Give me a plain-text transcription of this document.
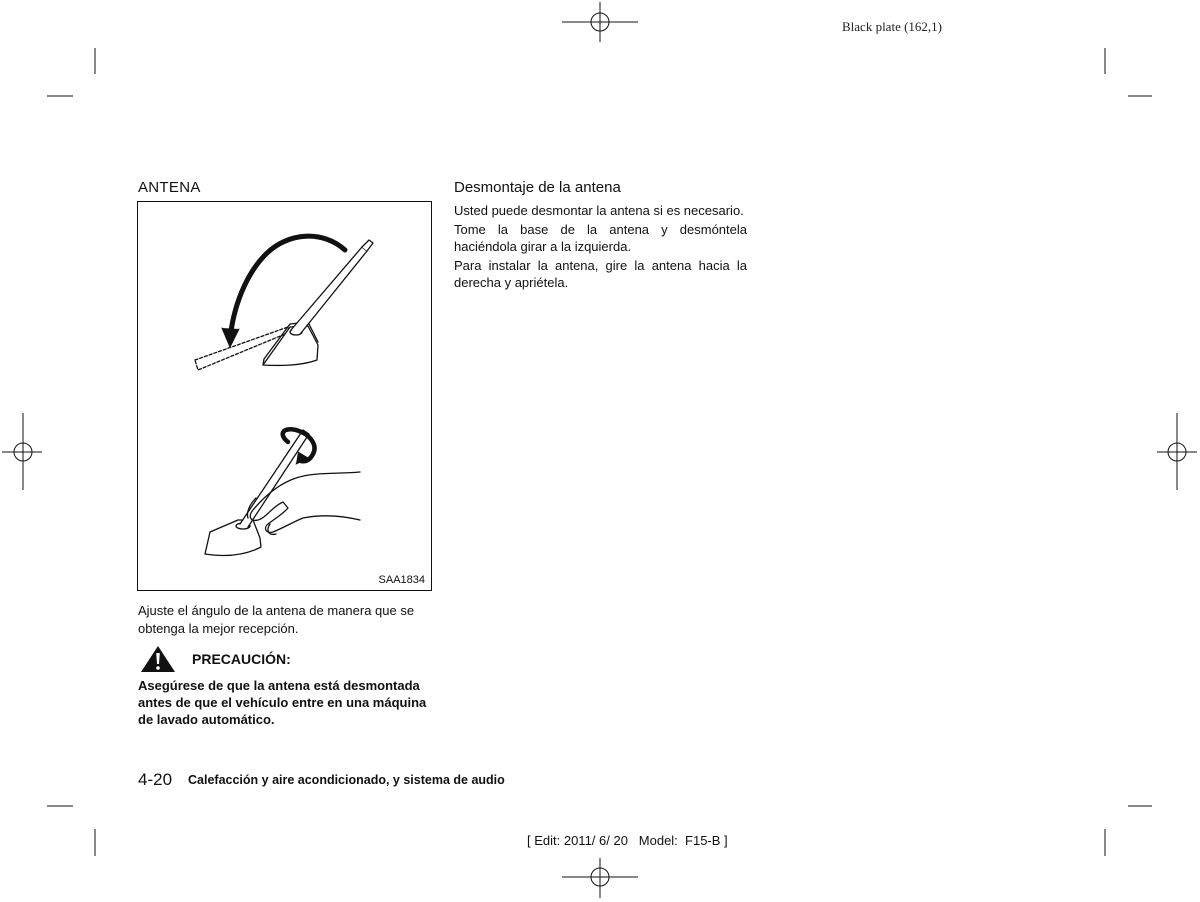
Black plate (162,1)
ANTENA
SAA1834
Ajuste el ángulo de la antena de manera que se obtenga la mejor recepción.
PRECAUCIÓN:
Asegúrese de que la antena está desmontada antes de que el vehículo entre en una máquina de lavado automático.
Desmontaje de la antena

Usted puede desmontar la antena si es necesario.

Tome la base de la antena y desmóntela haciéndola girar a la izquierda.

Para instalar la antena, gire la antena hacia la derecha y apriétela.

4-20 Calefacción y aire acondicionado, y sistema de audio
[ Edit: 2011/ 6/ 20   Model:  F15-B ]
